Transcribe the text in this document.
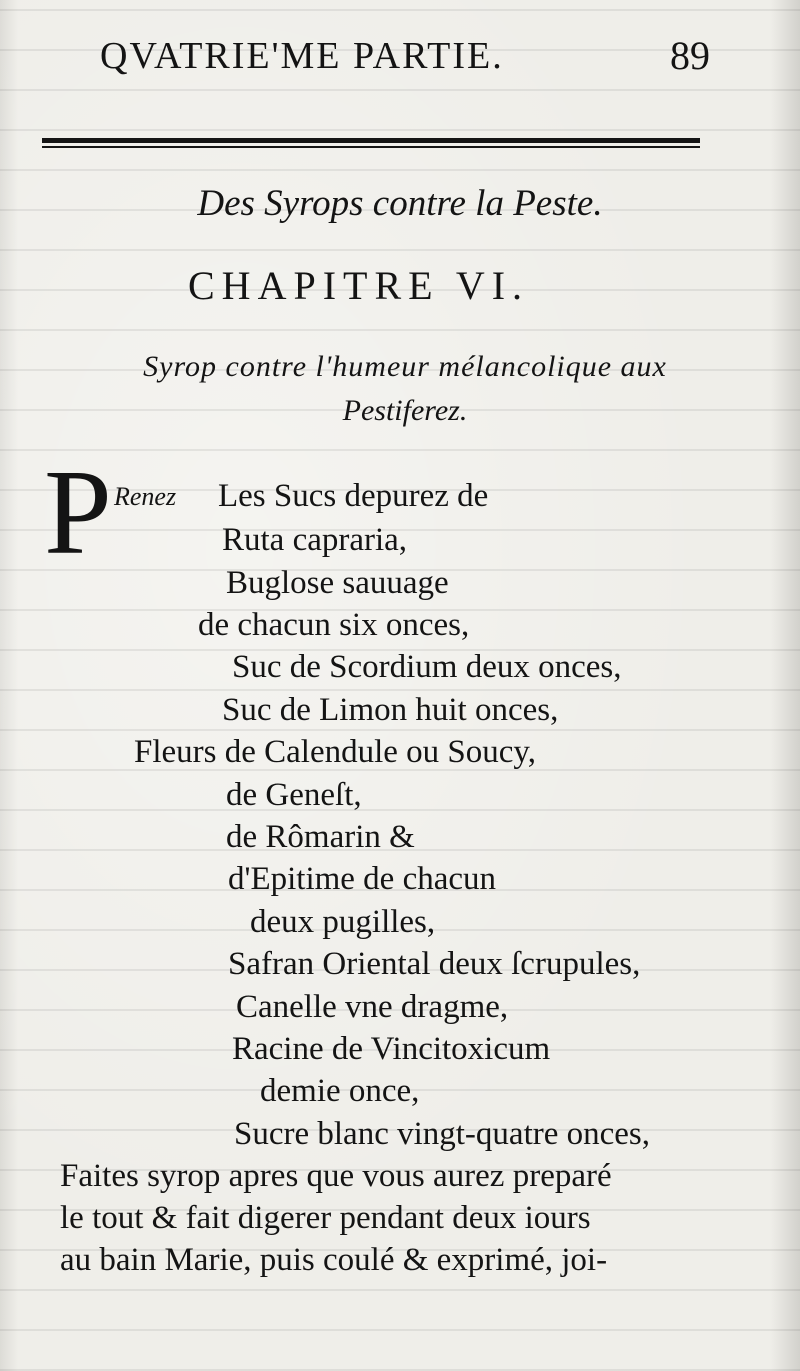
QVATRIE'ME PARTIE.	89
Des Syrops contre la Peste.
CHAPITRE VI.
Syrop contre l'humeur mélancolique aux
Pestiferez.
P Renez Les Sucs depurez de
Ruta capraria,
Buglose sauuage
de chacun six onces,
Suc de Scordium deux onces,
Suc de Limon huit onces,
Fleurs de Calendule ou Soucy,
de Geneſt,
de Rômarin &
d'Epitime de chacun
deux pugilles,
Safran Oriental deux ſcrupules,
Canelle vne dragme,
Racine de Vincitoxicum
demie once,
Sucre blanc vingt-quatre onces,
Faites syrop apres que vous aurez preparé
le tout & fait digerer pendant deux iours
au bain Marie, puis coulé & exprimé, joi-
